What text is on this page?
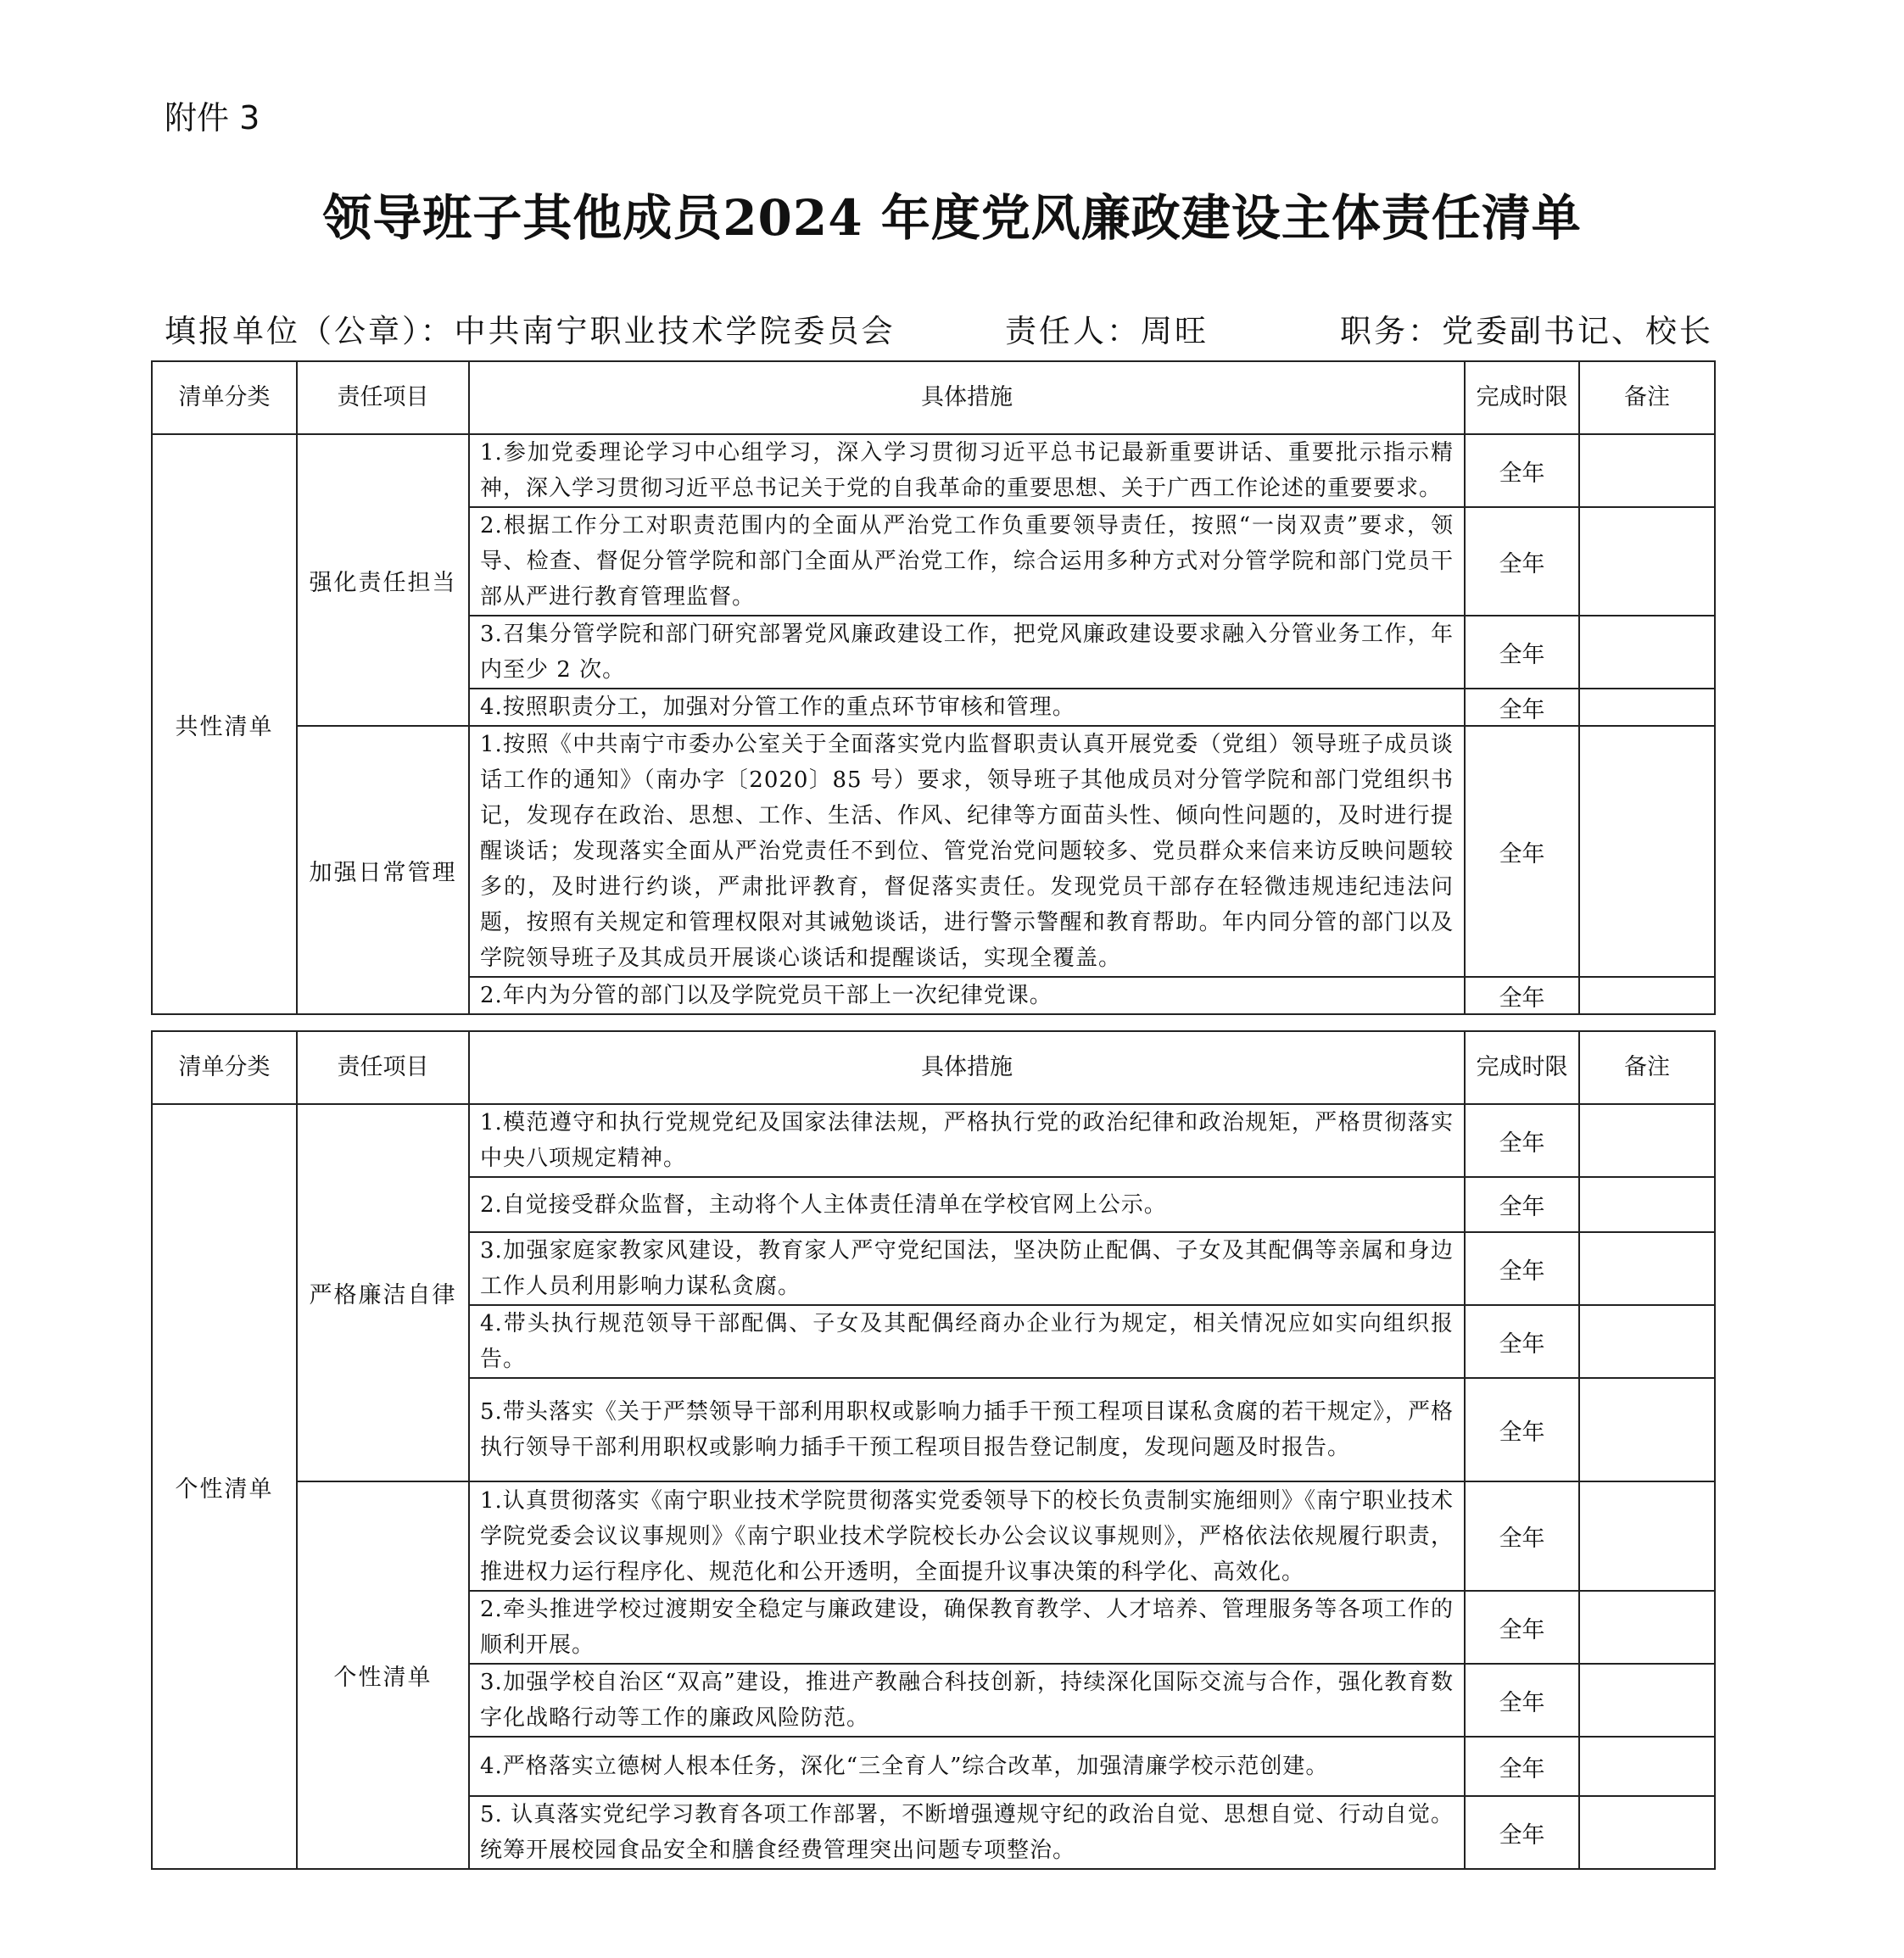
附件 3
领导班子其他成员2024 年度党风廉政建设主体责任清单
填报单位（公章）：中共南宁职业技术学院委员会	责任人：周旺	职务：党委副书记、校长
清单分类	责任项目	具体措施	完成时限	备注
共性清单	强化责任担当	1.参加党委理论学习中心组学习，深入学习贯彻习近平总书记最新重要讲话、重要批示指示精神，深入学习贯彻习近平总书记关于党的自我革命的重要思想、关于广西工作论述的重要要求。	全年	
		2.根据工作分工对职责范围内的全面从严治党工作负重要领导责任，按照“一岗双责”要求，领导、检查、督促分管学院和部门全面从严治党工作，综合运用多种方式对分管学院和部门党员干部从严进行教育管理监督。	全年	
		3.召集分管学院和部门研究部署党风廉政建设工作，把党风廉政建设要求融入分管业务工作，年内至少 2 次。	全年	
		4.按照职责分工，加强对分管工作的重点环节审核和管理。	全年	
	加强日常管理	1.按照《中共南宁市委办公室关于全面落实党内监督职责认真开展党委（党组）领导班子成员谈话工作的通知》（南办字〔2020〕85 号）要求，领导班子其他成员对分管学院和部门党组织书记，发现存在政治、思想、工作、生活、作风、纪律等方面苗头性、倾向性问题的，及时进行提醒谈话；发现落实全面从严治党责任不到位、管党治党问题较多、党员群众来信来访反映问题较多的，及时进行约谈，严肃批评教育，督促落实责任。发现党员干部存在轻微违规违纪违法问题，按照有关规定和管理权限对其诫勉谈话，进行警示警醒和教育帮助。年内同分管的部门以及学院领导班子及其成员开展谈心谈话和提醒谈话，实现全覆盖。	全年	
		2.年内为分管的部门以及学院党员干部上一次纪律党课。	全年	
清单分类	责任项目	具体措施	完成时限	备注
个性清单	严格廉洁自律	1.模范遵守和执行党规党纪及国家法律法规，严格执行党的政治纪律和政治规矩，严格贯彻落实中央八项规定精神。	全年	
		2.自觉接受群众监督，主动将个人主体责任清单在学校官网上公示。	全年	
		3.加强家庭家教家风建设，教育家人严守党纪国法，坚决防止配偶、子女及其配偶等亲属和身边工作人员利用影响力谋私贪腐。	全年	
		4.带头执行规范领导干部配偶、子女及其配偶经商办企业行为规定，相关情况应如实向组织报告。	全年	
		5.带头落实《关于严禁领导干部利用职权或影响力插手干预工程项目谋私贪腐的若干规定》，严格执行领导干部利用职权或影响力插手干预工程项目报告登记制度，发现问题及时报告。	全年	
	个性清单	1.认真贯彻落实《南宁职业技术学院贯彻落实党委领导下的校长负责制实施细则》《南宁职业技术学院党委会议议事规则》《南宁职业技术学院校长办公会议议事规则》，严格依法依规履行职责，推进权力运行程序化、规范化和公开透明，全面提升议事决策的科学化、高效化。	全年	
		2.牵头推进学校过渡期安全稳定与廉政建设，确保教育教学、人才培养、管理服务等各项工作的顺利开展。	全年	
		3.加强学校自治区“双高”建设，推进产教融合科技创新，持续深化国际交流与合作，强化教育数字化战略行动等工作的廉政风险防范。	全年	
		4.严格落实立德树人根本任务，深化“三全育人”综合改革，加强清廉学校示范创建。	全年	
		5. 认真落实党纪学习教育各项工作部署，不断增强遵规守纪的政治自觉、思想自觉、行动自觉。统筹开展校园食品安全和膳食经费管理突出问题专项整治。	全年	
